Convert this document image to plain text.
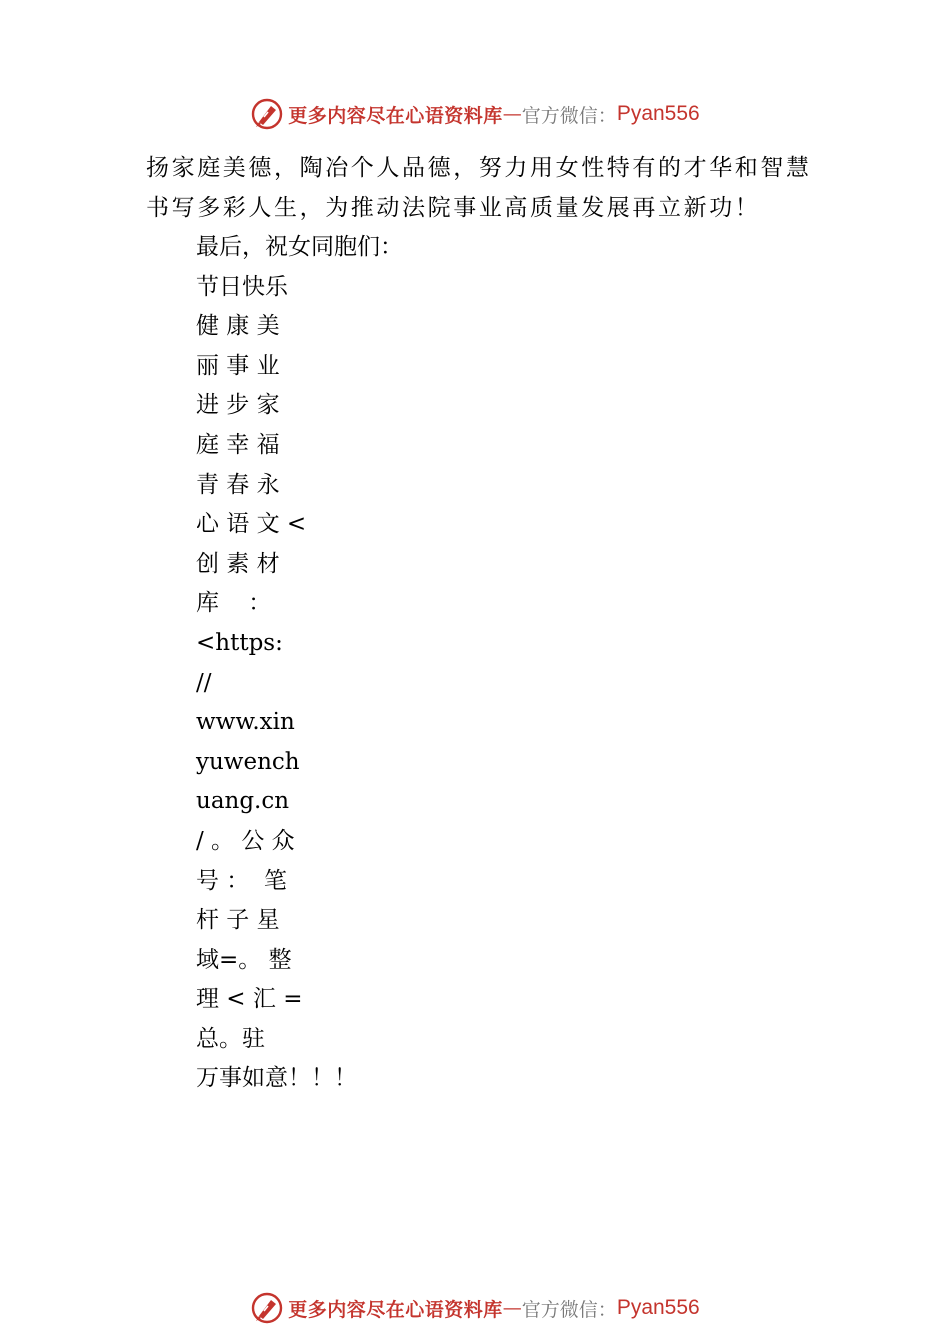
更多内容尽在心语资料库 — 官方微信： Pyan556
扬家庭美德，陶冶个人品德，努力用女性特有的才华和智慧
书写多彩人生，为推动法院事业高质量发展再立新功！
最后，祝女同胞们：
节日快乐
健 康 美
丽 事 业
进 步 家
庭 幸 福
青 春 永
心 语 文 <
创 素 材
库    ：
<https:
//
www.xin
yuwench
uang.cn
/ 。 公 众
号 ：  笔
杆 子 星
域=。 整
理 < 汇 =
总。驻
万事如意！！！
更多内容尽在心语资料库 — 官方微信： Pyan556
